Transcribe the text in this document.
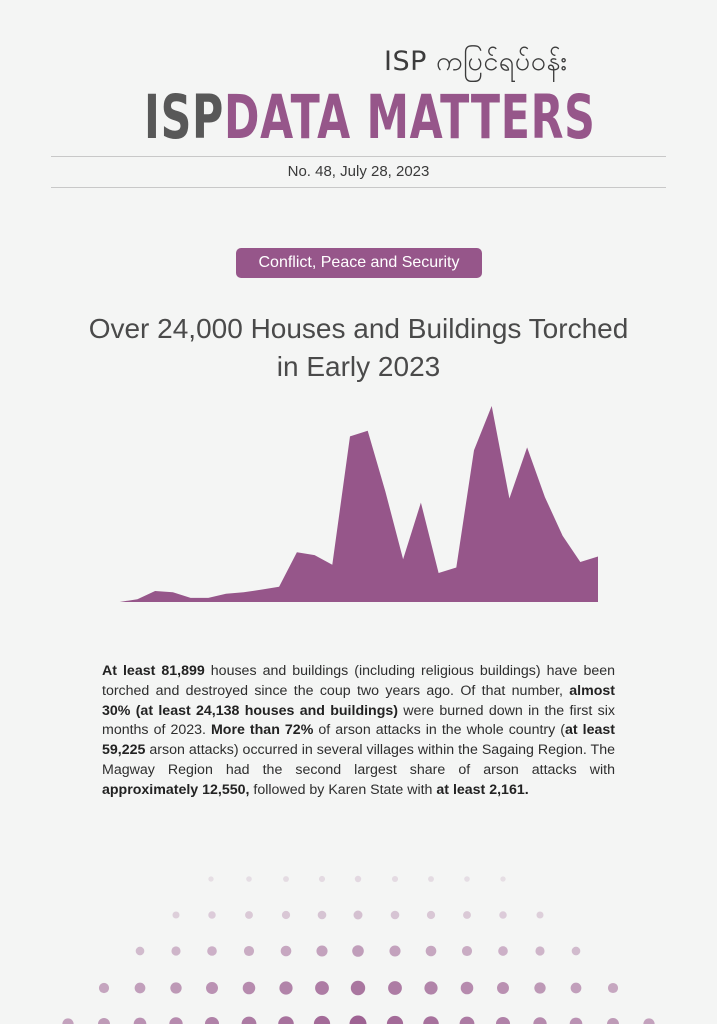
ISP ကပြင်ရပ်ဝန်း
ISPDATA MATTERS
No. 48, July 28, 2023
Conflict, Peace and Security
Over 24,000 Houses and Buildings Torched
in Early 2023
At least 81,899 houses and buildings (including religious buildings) have been torched and destroyed since the coup two years ago. Of that number, almost 30% (at least 24,138 houses and buildings) were burned down in the first six months of 2023. More than 72% of arson attacks in the whole country (at least 59,225 arson attacks) occurred in several villages within the Sagaing Region. The Magway Region had the second largest share of arson attacks with approximately 12,550, followed by Karen State with at least 2,161.
